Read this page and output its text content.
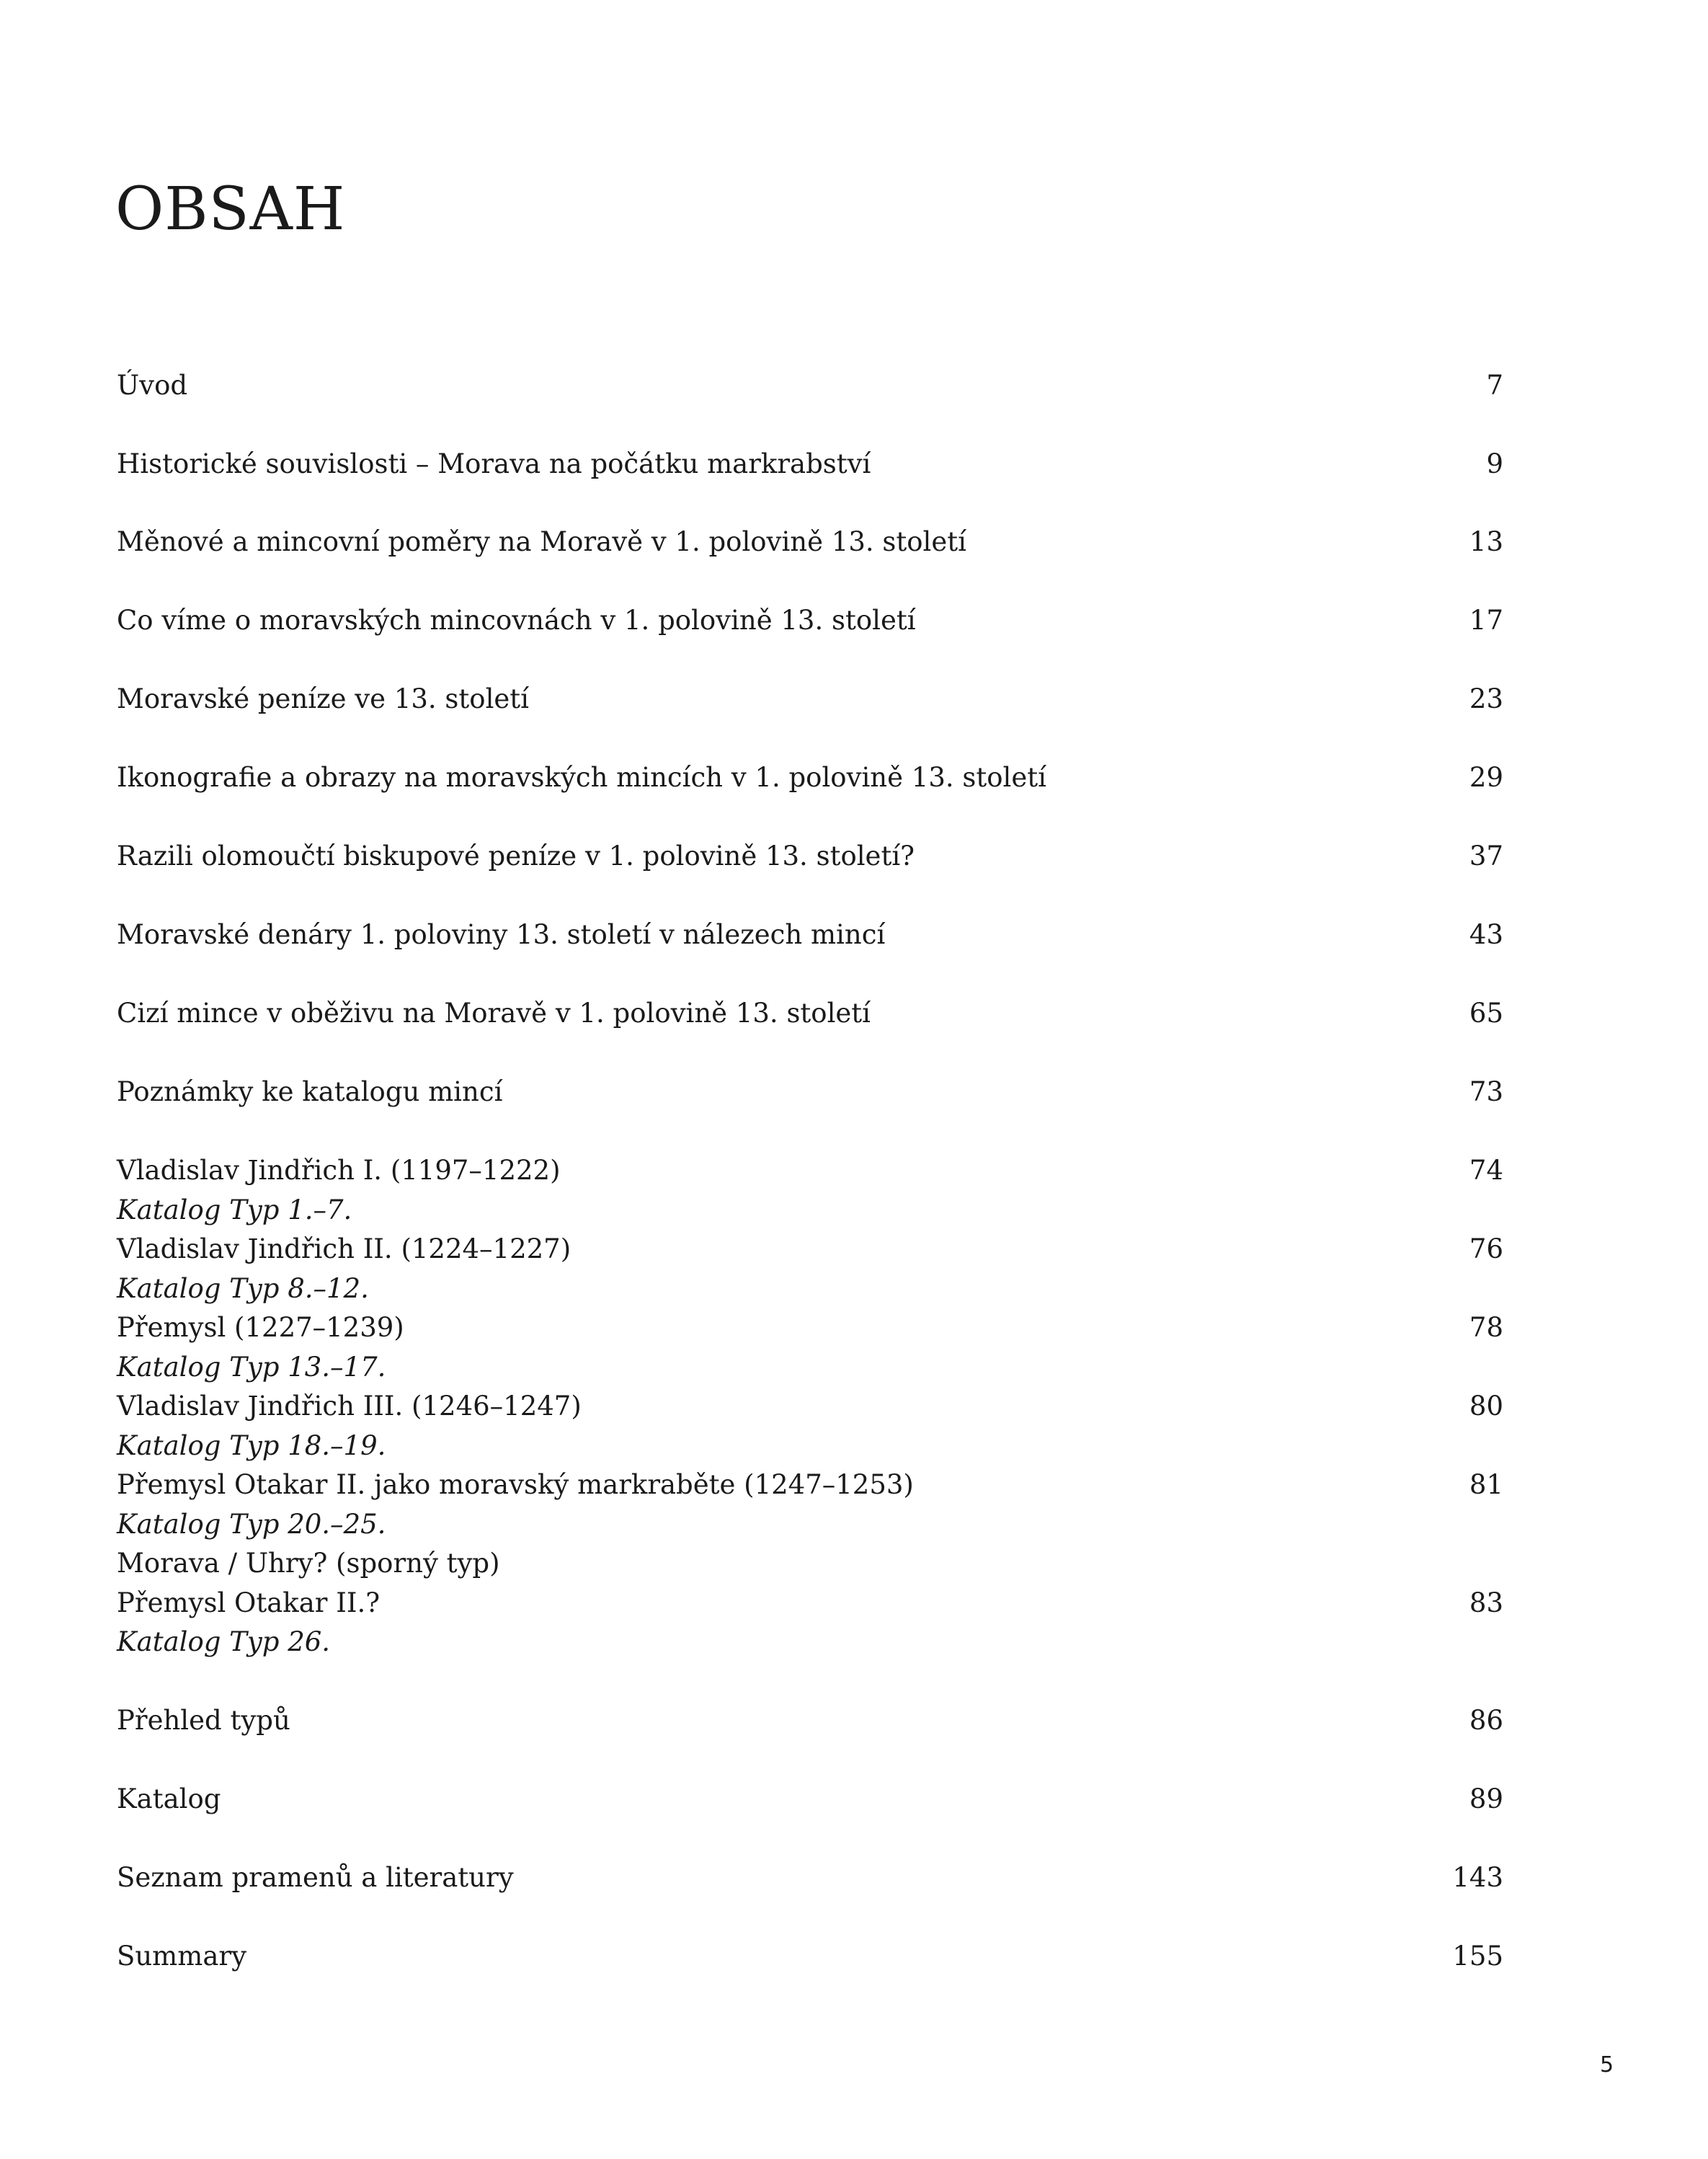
OBSAH
Úvod	7
Historické souvislosti – Morava na počátku markrabství	9
Měnové a mincovní poměry na Moravě v 1. polovině 13. století	13
Co víme o moravských mincovnách v 1. polovině 13. století	17
Moravské peníze ve 13. století	23
Ikonografie a obrazy na moravských mincích v 1. polovině 13. století	29
Razili olomoučtí biskupové peníze v 1. polovině 13. století?	37
Moravské denáry 1. poloviny 13. století v nálezech mincí	43
Cizí mince v oběživu na Moravě v 1. polovině 13. století	65
Poznámky ke katalogu mincí	73
Vladislav Jindřich I. (1197–1222)	74
Katalog Typ 1.–7.
Vladislav Jindřich II. (1224–1227)	76
Katalog Typ 8.–12.
Přemysl (1227–1239)	78
Katalog Typ 13.–17.
Vladislav Jindřich III. (1246–1247)	80
Katalog Typ 18.–19.
Přemysl Otakar II. jako moravský markraběte (1247–1253)	81
Katalog Typ 20.–25.
Morava / Uhry? (sporný typ)
Přemysl Otakar II.?	83
Katalog Typ 26.
Přehled typů	86
Katalog	89
Seznam pramenů a literatury	143
Summary	155
5
